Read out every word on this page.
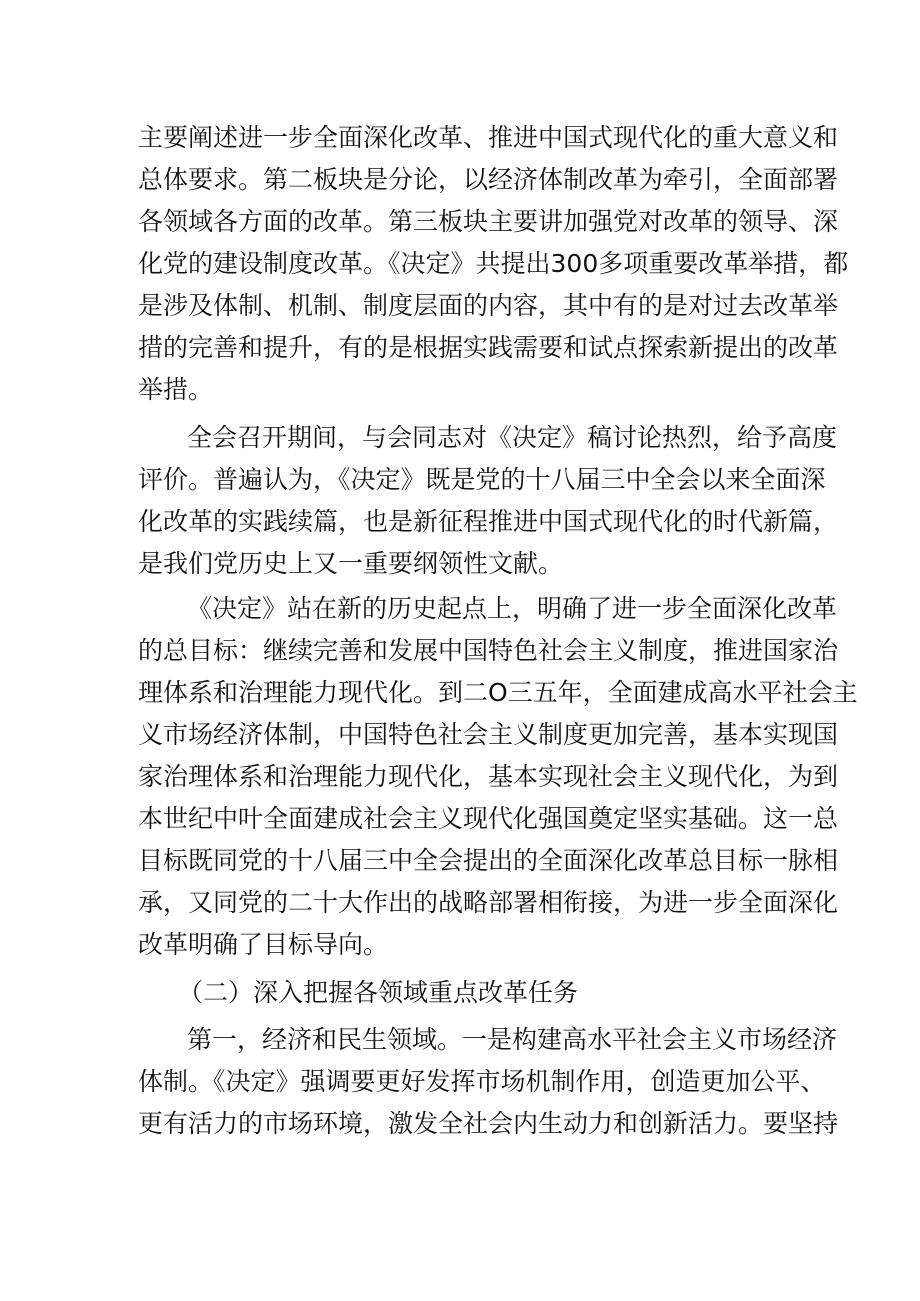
主要阐述进一步全面深化改革、推进中国式现代化的重大意义和
总体要求。第二板块是分论，以经济体制改革为牵引，全面部署
各领域各方面的改革。第三板块主要讲加强党对改革的领导、深
化党的建设制度改革。《决定》共提出300多项重要改革举措，都
是涉及体制、机制、制度层面的内容，其中有的是对过去改革举
措的完善和提升，有的是根据实践需要和试点探索新提出的改革
举措。
全会召开期间，与会同志对《决定》稿讨论热烈，给予高度
评价。普遍认为，《决定》既是党的十八届三中全会以来全面深
化改革的实践续篇，也是新征程推进中国式现代化的时代新篇，
是我们党历史上又一重要纲领性文献。
《决定》站在新的历史起点上，明确了进一步全面深化改革
的总目标：继续完善和发展中国特色社会主义制度，推进国家治
理体系和治理能力现代化。到二O三五年，全面建成高水平社会主
义市场经济体制，中国特色社会主义制度更加完善，基本实现国
家治理体系和治理能力现代化，基本实现社会主义现代化，为到
本世纪中叶全面建成社会主义现代化强国奠定坚实基础。这一总
目标既同党的十八届三中全会提出的全面深化改革总目标一脉相
承，又同党的二十大作出的战略部署相衔接，为进一步全面深化
改革明确了目标导向。
（二）深入把握各领域重点改革任务
第一，经济和民生领域。一是构建高水平社会主义市场经济
体制。《决定》强调要更好发挥市场机制作用，创造更加公平、
更有活力的市场环境，激发全社会内生动力和创新活力。要坚持
